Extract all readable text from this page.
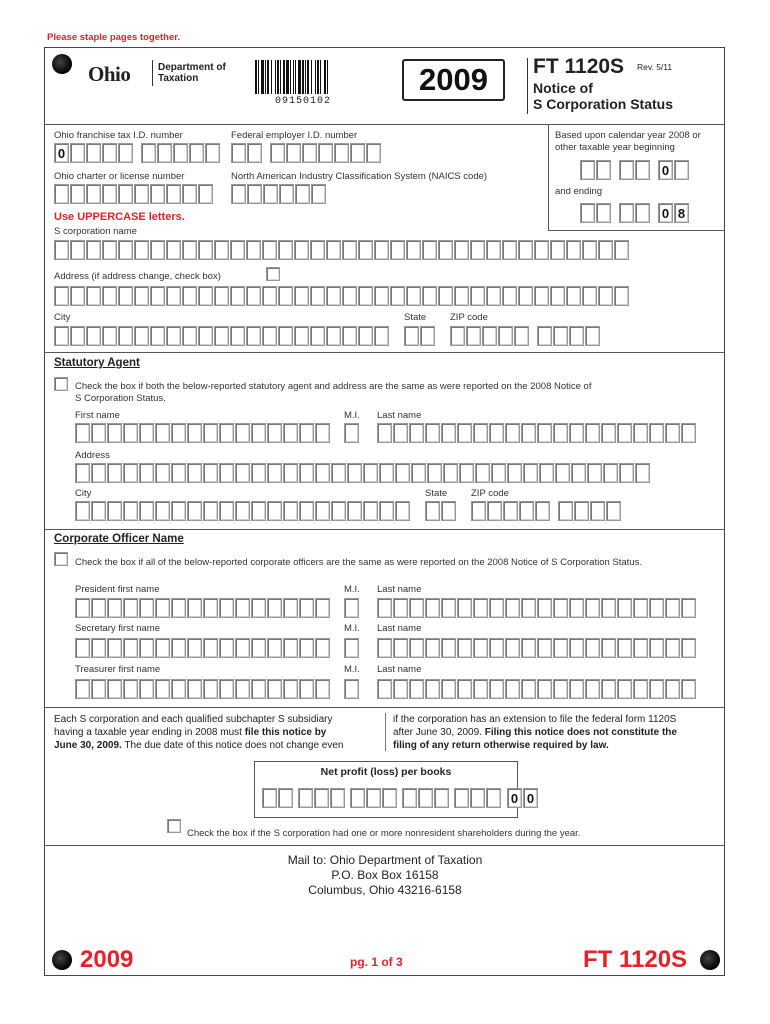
Please staple pages together.
Ohio	Department of
Taxation
09150102
2009	FT 1120S Rev. 5/11
Notice of
S Corporation Status
Ohio franchise tax I.D. number
0
Federal employer I.D. number	Based upon calendar year 2008 or
other taxable year beginning
0
and ending
0 8
Ohio charter or license number	North American Industry Classification System (NAICS code)
Use UPPERCASE letters.
S corporation name
Address (if address change, check box)
City	State	ZIP code
Statutory Agent
Check the box if both the below-reported statutory agent and address are the same as were reported on the 2008 Notice of
S Corporation Status.
First name	M.I. Last name
Address
City	State	ZIP code
Corporate Officer Name
Check the box if all of the below-reported corporate officers are the same as were reported on the 2008 Notice of S Corporation Status.
President first name	M.I. Last name
Secretary first name	M.I. Last name
Treasurer first name	M.I. Last name
Each S corporation and each qualified subchapter S subsidiary
having a taxable year ending in 2008 must file this notice by
June 30, 2009. The due date of this notice does not change even
if the corporation has an extension to file the federal form 1120S
after June 30, 2009. Filing this notice does not constitute the
filing of any return otherwise required by law.
Net profit (loss) per books
0 0
Check the box if the S corporation had one or more nonresident shareholders during the year.
Mail to: Ohio Department of Taxation
P.O. Box Box 16158
Columbus, Ohio 43216-6158
2009	pg. 1 of 3	FT 1120S
